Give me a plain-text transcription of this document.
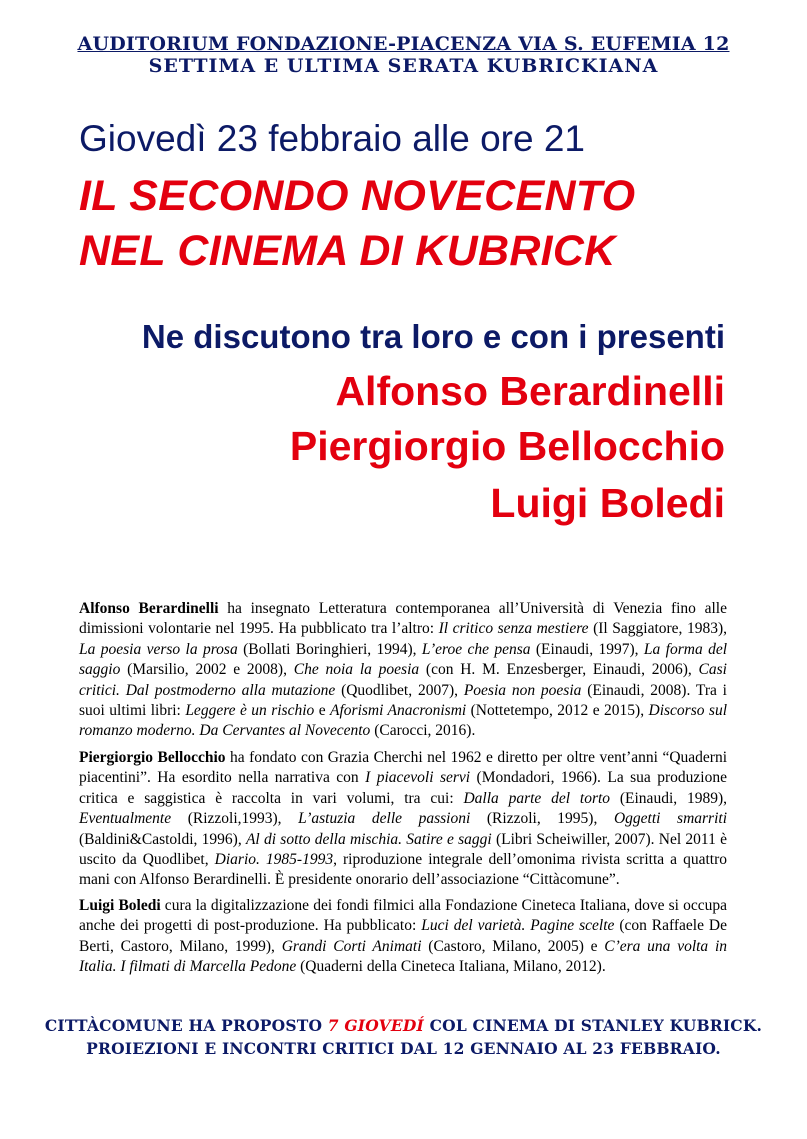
AUDITORIUM FONDAZIONE-PIACENZA VIA S. EUFEMIA 12
SETTIMA E ULTIMA SERATA KUBRICKIANA
Giovedì 23 febbraio alle ore 21
IL SECONDO NOVECENTO
NEL CINEMA DI KUBRICK
Ne discutono tra loro e con i presenti
Alfonso Berardinelli
Piergiorgio Bellocchio
Luigi Boledi

Alfonso Berardinelli ha insegnato Letteratura contemporanea all’Università di Venezia fino alle dimissioni volontarie nel 1995. Ha pubblicato tra l’altro: Il critico senza mestiere (Il Saggiatore, 1983), La poesia verso la prosa (Bollati Boringhieri, 1994), L’eroe che pensa (Einaudi, 1997), La forma del saggio (Marsilio, 2002 e 2008), Che noia la poesia (con H. M. Enzesberger, Einaudi, 2006), Casi critici. Dal postmoderno alla mutazione (Quodlibet, 2007), Poesia non poesia (Einaudi, 2008). Tra i suoi ultimi libri: Leggere è un rischio e Aforismi Anacronismi (Nottetempo, 2012 e 2015), Discorso sul romanzo moderno. Da Cervantes al Novecento (Carocci, 2016).

Piergiorgio Bellocchio ha fondato con Grazia Cherchi nel 1962 e diretto per oltre vent’anni “Quaderni piacentini”. Ha esordito nella narrativa con I piacevoli servi (Mondadori, 1966). La sua produzione critica e saggistica è raccolta in vari volumi, tra cui: Dalla parte del torto (Einaudi, 1989), Eventualmente (Rizzoli,1993), L’astuzia delle passioni (Rizzoli, 1995), Oggetti smarriti (Baldini&Castoldi, 1996), Al di sotto della mischia. Satire e saggi (Libri Scheiwiller, 2007). Nel 2011 è uscito da Quodlibet, Diario. 1985-1993, riproduzione integrale dell’omonima rivista scritta a quattro mani con Alfonso Berardinelli. È presidente onorario dell’associazione “Cittàcomune”.

Luigi Boledi cura la digitalizzazione dei fondi filmici alla Fondazione Cineteca Italiana, dove si occupa anche dei progetti di post-produzione. Ha pubblicato: Luci del varietà. Pagine scelte (con Raffaele De Berti, Castoro, Milano, 1999), Grandi Corti Animati (Castoro, Milano, 2005) e C’era una volta in Italia. I filmati di Marcella Pedone (Quaderni della Cineteca Italiana, Milano, 2012).

CITTÀCOMUNE HA PROPOSTO 7 GIOVEDÍ COL CINEMA DI STANLEY KUBRICK.
PROIEZIONI E INCONTRI CRITICI DAL 12 GENNAIO AL 23 FEBBRAIO.
